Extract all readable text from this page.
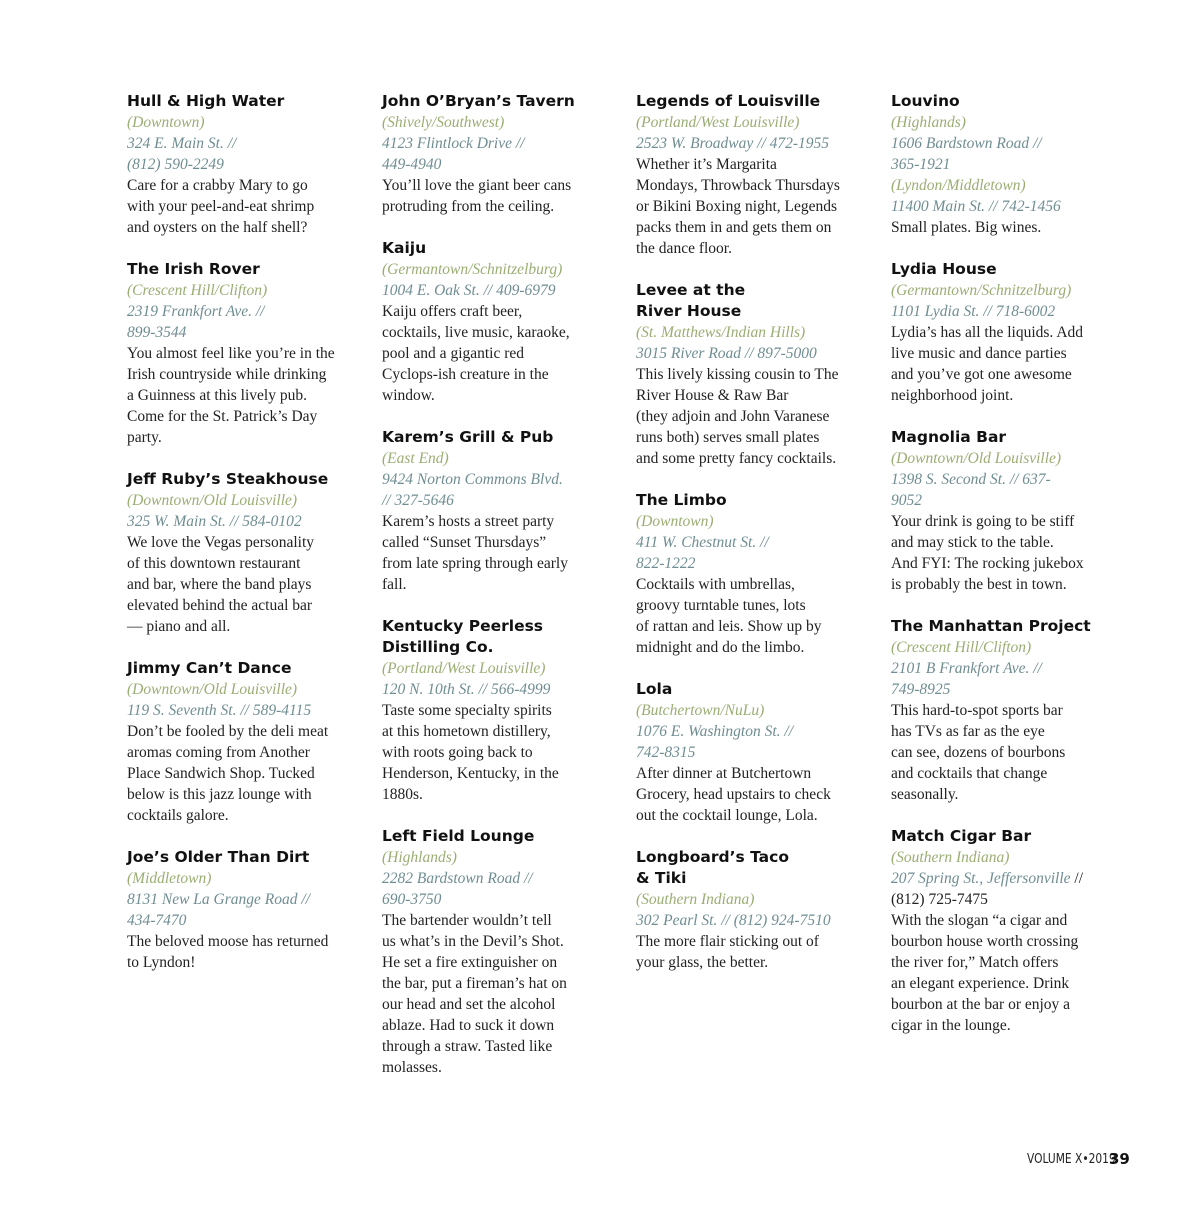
Hull & High Water
(Downtown)
324 E. Main St. //
(812) 590-2249
Care for a crabby Mary to go
with your peel-and-eat shrimp
and oysters on the half shell?
The Irish Rover
(Crescent Hill/Clifton)
2319 Frankfort Ave. //
899-3544
You almost feel like you’re in the
Irish countryside while drinking
a Guinness at this lively pub.
Come for the St. Patrick’s Day
party.
Jeff Ruby’s Steakhouse
(Downtown/Old Louisville)
325 W. Main St. // 584-0102
We love the Vegas personality
of this downtown restaurant
and bar, where the band plays
elevated behind the actual bar
— piano and all.
Jimmy Can’t Dance
(Downtown/Old Louisville)
119 S. Seventh St. // 589-4115
Don’t be fooled by the deli meat
aromas coming from Another
Place Sandwich Shop. Tucked
below is this jazz lounge with
cocktails galore.
Joe’s Older Than Dirt
(Middletown)
8131 New La Grange Road //
434-7470
The beloved moose has returned
to Lyndon!
John O’Bryan’s Tavern
(Shively/Southwest)
4123 Flintlock Drive //
449-4940
You’ll love the giant beer cans
protruding from the ceiling.
Kaiju
(Germantown/Schnitzelburg)
1004 E. Oak St. // 409-6979
Kaiju offers craft beer,
cocktails, live music, karaoke,
pool and a gigantic red
Cyclops-ish creature in the
window.
Karem’s Grill & Pub
(East End)
9424 Norton Commons Blvd.
// 327-5646
Karem’s hosts a street party
called “Sunset Thursdays”
from late spring through early
fall.
Kentucky Peerless
Distilling Co.
(Portland/West Louisville)
120 N. 10th St. // 566-4999
Taste some specialty spirits
at this hometown distillery,
with roots going back to
Henderson, Kentucky, in the
1880s.
Left Field Lounge
(Highlands)
2282 Bardstown Road //
690-3750
The bartender wouldn’t tell
us what’s in the Devil’s Shot.
He set a fire extinguisher on
the bar, put a fireman’s hat on
our head and set the alcohol
ablaze. Had to suck it down
through a straw. Tasted like
molasses.
Legends of Louisville
(Portland/West Louisville)
2523 W. Broadway // 472-1955
Whether it’s Margarita
Mondays, Throwback Thursdays
or Bikini Boxing night, Legends
packs them in and gets them on
the dance floor.
Levee at the
River House
(St. Matthews/Indian Hills)
3015 River Road // 897-5000
This lively kissing cousin to The
River House & Raw Bar
(they adjoin and John Varanese
runs both) serves small plates
and some pretty fancy cocktails.
The Limbo
(Downtown)
411 W. Chestnut St. //
822-1222
Cocktails with umbrellas,
groovy turntable tunes, lots
of rattan and leis. Show up by
midnight and do the limbo.
Lola
(Butchertown/NuLu)
1076 E. Washington St. //
742-8315
After dinner at Butchertown
Grocery, head upstairs to check
out the cocktail lounge, Lola.
Longboard’s Taco
& Tiki
(Southern Indiana)
302 Pearl St. // (812) 924-7510
The more flair sticking out of
your glass, the better.
Louvino
(Highlands)
1606 Bardstown Road //
365-1921
(Lyndon/Middletown)
11400 Main St. // 742-1456
Small plates. Big wines.
Lydia House
(Germantown/Schnitzelburg)
1101 Lydia St. // 718-6002
Lydia’s has all the liquids. Add
live music and dance parties
and you’ve got one awesome
neighborhood joint.
Magnolia Bar
(Downtown/Old Louisville)
1398 S. Second St. // 637-
9052
Your drink is going to be stiff
and may stick to the table.
And FYI: The rocking jukebox
is probably the best in town.
The Manhattan Project
(Crescent Hill/Clifton)
2101 B Frankfort Ave. //
749-8925
This hard-to-spot sports bar
has TVs as far as the eye
can see, dozens of bourbons
and cocktails that change
seasonally.
Match Cigar Bar
(Southern Indiana)
207 Spring St., Jeffersonville //
(812) 725-7475
With the slogan “a cigar and
bourbon house worth crossing
the river for,” Match offers
an elegant experience. Drink
bourbon at the bar or enjoy a
cigar in the lounge.
VOLUME X•2019
39
